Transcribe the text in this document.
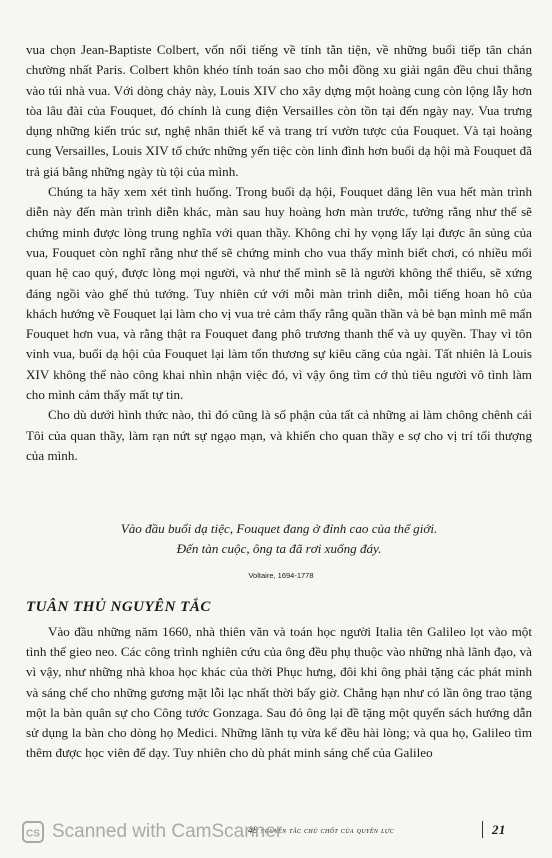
vua chọn Jean-Baptiste Colbert, vốn nổi tiếng về tính tằn tiện, về những buổi tiếp tân chán chường nhất Paris. Colbert khôn khéo tính toán sao cho mỗi đồng xu giải ngân đều chui thẳng vào túi nhà vua. Với dòng chảy này, Louis XIV cho xây dựng một hoàng cung còn lộng lẫy hơn tòa lâu đài của Fouquet, đó chính là cung điện Versailles còn tồn tại đến ngày nay. Vua trưng dụng những kiến trúc sư, nghệ nhân thiết kế và trang trí vườn tược của Fouquet. Và tại hoàng cung Versailles, Louis XIV tổ chức những yến tiệc còn linh đình hơn buổi dạ hội mà Fouquet đã trả giá bằng những ngày tù tội của mình.

Chúng ta hãy xem xét tình huống. Trong buổi dạ hội, Fouquet dâng lên vua hết màn trình diễn này đến màn trình diễn khác, màn sau huy hoàng hơn màn trước, tưởng rằng như thế sẽ chứng minh được lòng trung nghĩa với quan thầy. Không chỉ hy vọng lấy lại được ân sủng của vua, Fouquet còn nghĩ rằng như thế sẽ chứng minh cho vua thấy mình biết chơi, có nhiều mối quan hệ cao quý, được lòng mọi người, và như thế mình sẽ là người không thể thiếu, sẽ xứng đáng ngồi vào ghế thủ tướng. Tuy nhiên cứ với mỗi màn trình diễn, mỗi tiếng hoan hô của khách hướng về Fouquet lại làm cho vị vua trẻ cảm thấy rằng quần thần và bè bạn mình mê mẩn Fouquet hơn vua, và rằng thật ra Fouquet đang phô trương thanh thế và uy quyền. Thay vì tôn vinh vua, buổi dạ hội của Fouquet lại làm tổn thương sự kiêu căng của ngài. Tất nhiên là Louis XIV không thể nào công khai nhìn nhận việc đó, vì vậy ông tìm cớ thủ tiêu người vô tình làm cho mình cảm thấy mất tự tin.

Cho dù dưới hình thức nào, thì đó cũng là số phận của tất cả những ai làm chông chênh cái Tôi của quan thầy, làm rạn nứt sự ngạo mạn, và khiến cho quan thầy e sợ cho vị trí tối thượng của mình.

Vào đầu buổi dạ tiệc, Fouquet đang ở đỉnh cao của thế giới.
Đến tàn cuộc, ông ta đã rơi xuống đáy.
Voltaire, 1694-1778
TUÂN THỦ NGUYÊN TẮC

Vào đầu những năm 1660, nhà thiên văn và toán học người Italia tên Galileo lọt vào một tình thế gieo neo. Các công trình nghiên cứu của ông đều phụ thuộc vào những nhà lãnh đạo, và vì vậy, như những nhà khoa học khác của thời Phục hưng, đôi khi ông phải tặng các phát minh và sáng chế cho những gương mặt lỗi lạc nhất thời bấy giờ. Chẳng hạn như có lần ông trao tặng một la bàn quân sự cho Công tước Gonzaga. Sau đó ông lại đề tặng một quyển sách hướng dẫn sử dụng la bàn cho dòng họ Medici. Những lãnh tụ vừa kể đều hài lòng; và qua họ, Galileo tìm thêm được học viên để dạy. Tuy nhiên cho dù phát minh sáng chế của Galileo

48 nguyên tắc chủ chốt của quyền lực	21
CS Scanned with CamScanner
